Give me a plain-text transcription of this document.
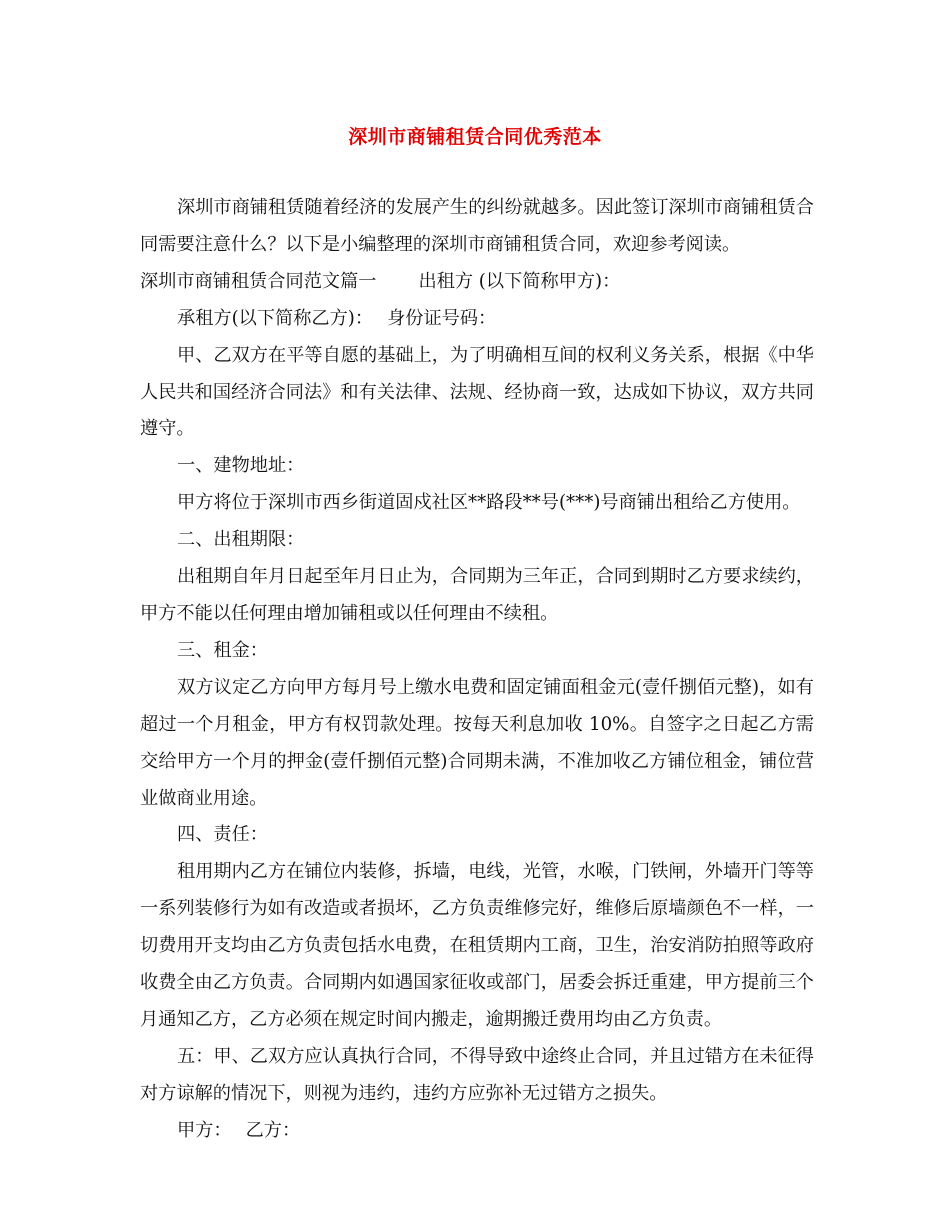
深圳市商铺租赁合同优秀范本

深圳市商铺租赁随着经济的发展产生的纠纷就越多。因此签订深圳市商铺租赁合同需要注意什么？以下是小编整理的深圳市商铺租赁合同，欢迎参考阅读。

深圳市商铺租赁合同范文篇一 出租方 (以下简称甲方)：

承租方(以下简称乙方)： 身份证号码：

甲、乙双方在平等自愿的基础上，为了明确相互间的权利义务关系，根据《中华人民共和国经济合同法》和有关法律、法规、经协商一致，达成如下协议，双方共同遵守。

一、建物地址：

甲方将位于深圳市西乡街道固戍社区**路段**号(***)号商铺出租给乙方使用。

二、出租期限：

出租期自年月日起至年月日止为，合同期为三年正，合同到期时乙方要求续约，甲方不能以任何理由增加铺租或以任何理由不续租。

三、租金：

双方议定乙方向甲方每月号上缴水电费和固定铺面租金元(壹仟捌佰元整)，如有超过一个月租金，甲方有权罚款处理。按每天利息加收 10%。自签字之日起乙方需交给甲方一个月的押金(壹仟捌佰元整)合同期未满，不准加收乙方铺位租金，铺位营业做商业用途。

四、责任：

租用期内乙方在铺位内装修，拆墙，电线，光管，水喉，门铁闸，外墙开门等等一系列装修行为如有改造或者损坏，乙方负责维修完好，维修后原墙颜色不一样，一切费用开支均由乙方负责包括水电费，在租赁期内工商，卫生，治安消防拍照等政府收费全由乙方负责。合同期内如遇国家征收或部门，居委会拆迁重建，甲方提前三个月通知乙方，乙方必须在规定时间内搬走，逾期搬迁费用均由乙方负责。

五：甲、乙双方应认真执行合同，不得导致中途终止合同，并且过错方在未征得对方谅解的情况下，则视为违约，违约方应弥补无过错方之损失。

甲方： 乙方：
